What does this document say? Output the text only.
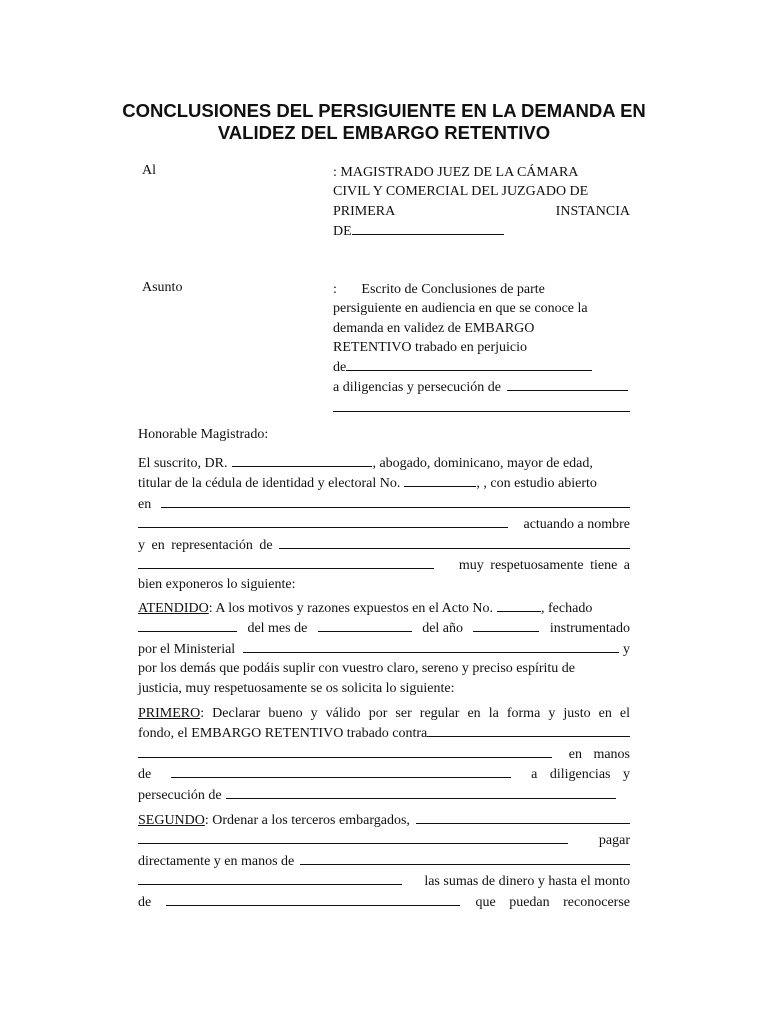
CONCLUSIONES DEL PERSIGUIENTE EN LA DEMANDA EN
VALIDEZ DEL EMBARGO RETENTIVO
Al	: MAGISTRADO JUEZ DE LA CÁMARA
CIVIL Y COMERCIAL DEL JUZGADO DE
PRIMERA	INSTANCIA
DE
Asunto	:       Escrito de Conclusiones de parte
persiguiente en audiencia en que se conoce la
demanda en validez de EMBARGO
RETENTIVO trabado en perjuicio
de
a diligencias y persecución de
Honorable Magistrado:
El suscrito, DR.	, abogado, dominicano, mayor de edad,
titular de la cédula de identidad y electoral No.	, , con estudio abierto
en
actuando a nombre
y en representación de
muy respetuosamente tiene a
bien exponeros lo siguiente:
ATENDIDO : A los motivos y razones expuestos en el Acto No.	, fechado
del mes de	del año	instrumentado
por el Ministerial	y
por los demás que podáis suplir con vuestro claro, sereno y preciso espíritu de
justicia, muy respetuosamente se os solicita lo siguiente:
PRIMERO : Declarar bueno y válido por ser regular en la forma y justo en el
fondo, el EMBARGO RETENTIVO trabado contra
en manos
de	a diligencias y
persecución de
SEGUNDO : Ordenar a los terceros embargados,
pagar
directamente y en manos de
las sumas de dinero y hasta el monto
de	que puedan reconocerse
